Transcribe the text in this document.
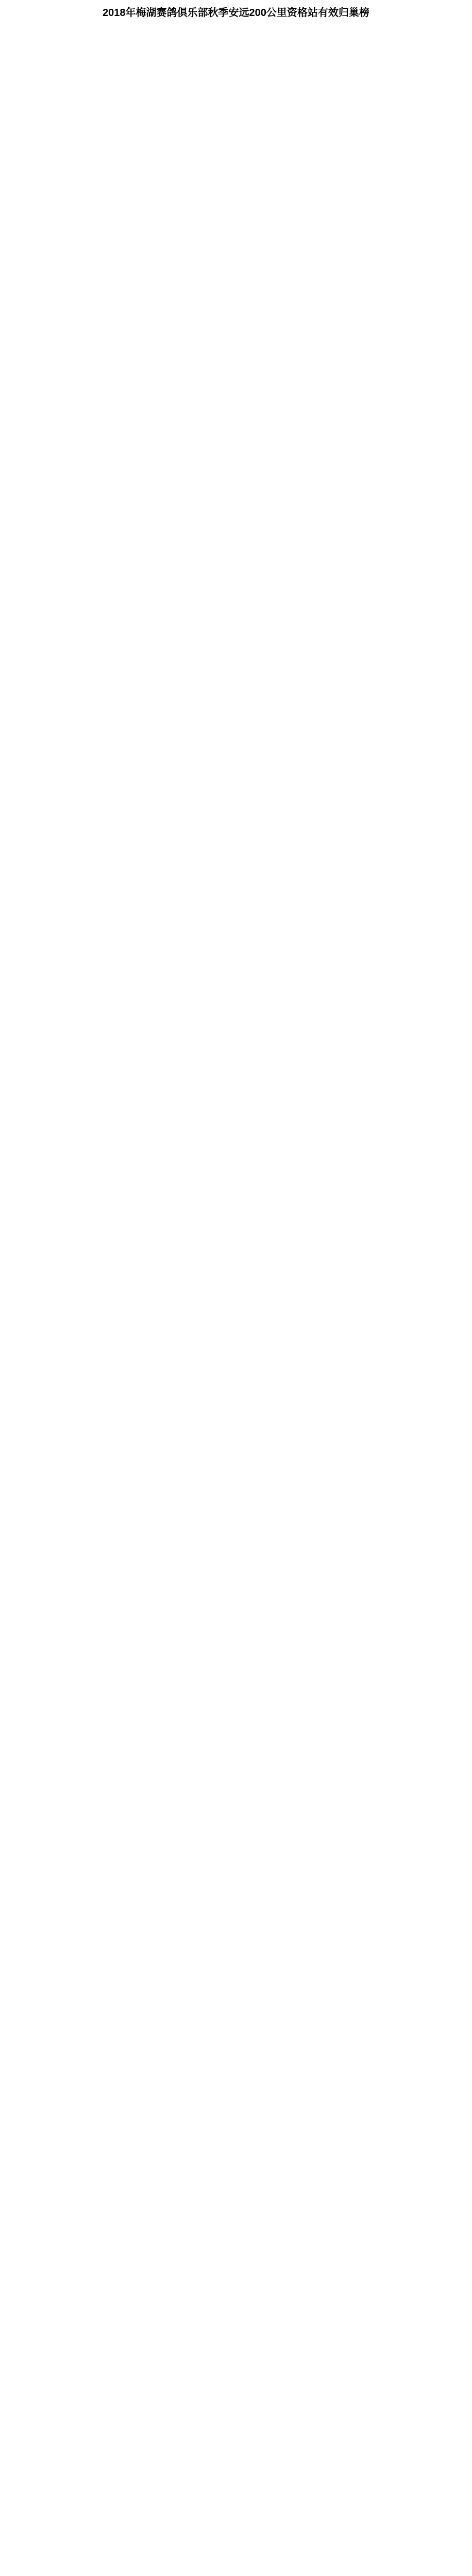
2018年梅湖赛鸽俱乐部秋季安远200公里资格站有效归巢榜
